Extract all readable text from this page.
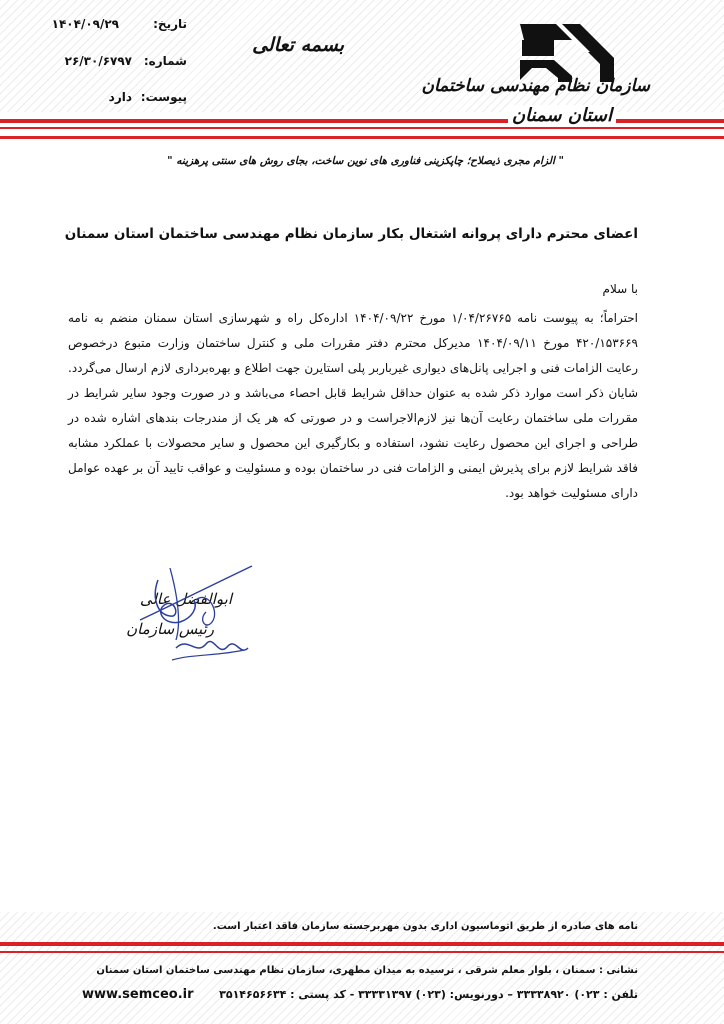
سازمان نظام مهندسی ساختمان
استان سمنان
بسمه تعالی
تاریخ:
۱۴۰۴/۰۹/۲۹
شماره:
۲۶/۳۰/۶۷۹۷
پیوست:
دارد
" الزام مجری ذیصلاح؛ چاپکزینی فناوری های نوین ساخت، بجای روش های سنتی پرهزینه "
اعضای محترم دارای پروانه اشتغال بکار سازمان نظام مهندسی ساختمان استان سمنان
با سلام
احتراماً؛ به پیوست نامه ۱/۰۴/۲۶۷۶۵ مورخ ۱۴۰۴/۰۹/۲۲ اداره‌کل راه و شهرسازی استان سمنان منضم به نامه ۴۲۰/۱۵۳۶۶۹ مورخ ۱۴۰۴/۰۹/۱۱ مدیرکل محترم دفتر مقررات ملی و کنترل ساختمان وزارت متبوع درخصوص رعایت الزامات فنی و اجرایی پانل‌های دیواری غیرباربر پلی استایرن جهت اطلاع و بهره‌برداری لازم ارسال می‌گردد. شایان ذکر است موارد ذکر شده به عنوان حداقل شرایط قابل احصاء می‌باشد و در صورت وجود سایر شرایط در مقررات ملی ساختمان رعایت آن‌ها نیز لازم‌الاجراست و در صورتی که هر یک از مندرجات بندهای اشاره شده در طراحی و اجرای این محصول رعایت نشود، استفاده و بکارگیری این محصول و سایر محصولات با عملکرد مشابه فاقد شرایط لازم برای پذیرش ایمنی و الزامات فنی در ساختمان بوده و مسئولیت و عواقب تایید آن بر عهده عوامل دارای مسئولیت خواهد بود.
ابوالفضل عالی
رئیس سازمان
نامه های صادره از طریق اتوماسیون اداری بدون مهربرجسته سازمان فاقد اعتبار است.
نشانی : سمنان ، بلوار معلم شرقی ، نرسیده به میدان مطهری، سازمان نظام مهندسی ساختمان استان سمنان
تلفن : ۰۲۳) ۳۳۳۳۸۹۲۰ – دورنویس: (۰۲۳) ۳۳۳۳۱۳۹۷ - کد پستی : ۳۵۱۴۶۵۶۶۳۴
www.semceo.ir
